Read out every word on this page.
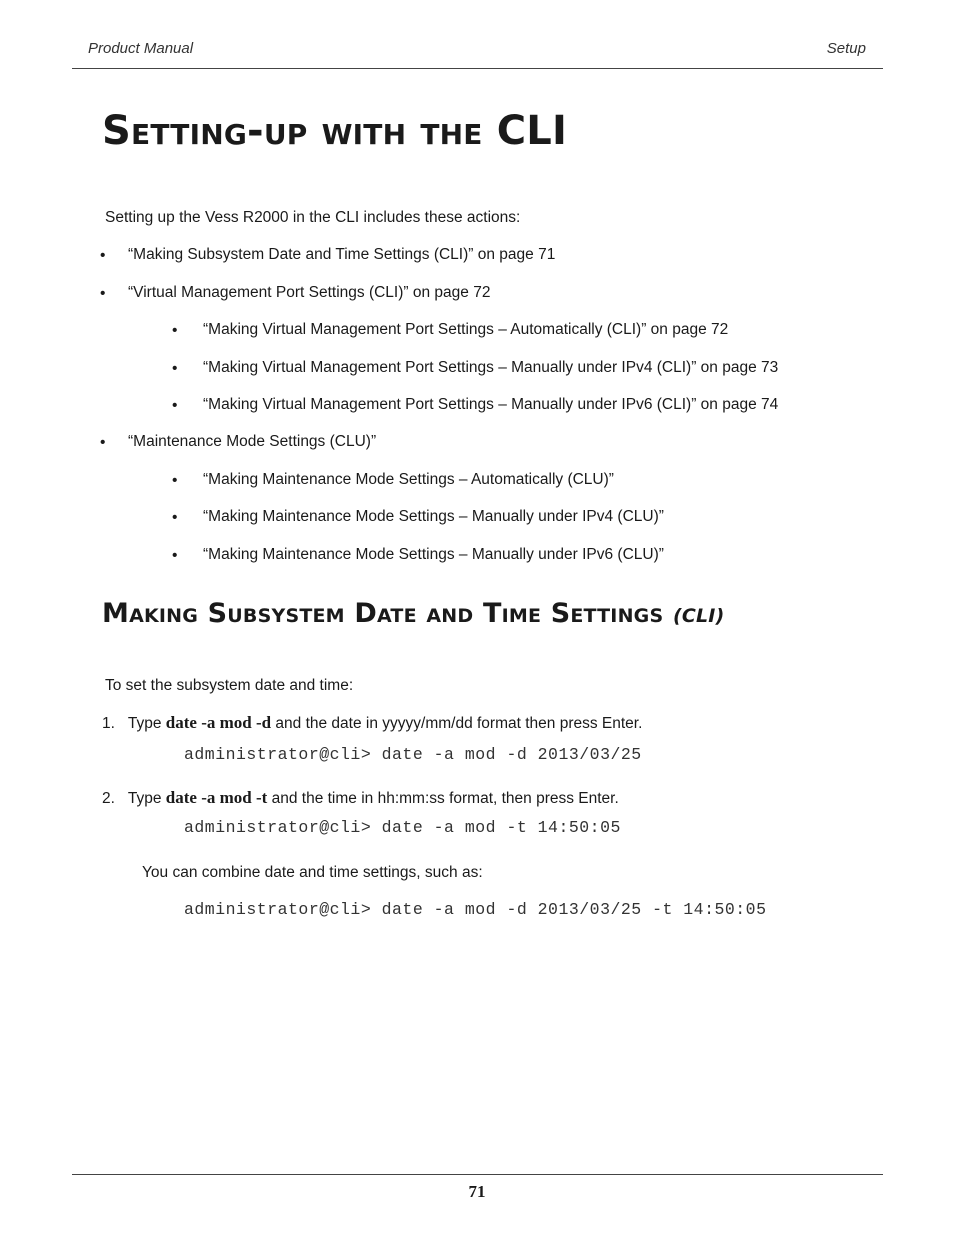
Product Manual	Setup
Setting-up with the CLI
Setting up the Vess R2000 in the CLI includes these actions:
• “Making Subsystem Date and Time Settings (CLI)” on page 71
• “Virtual Management Port Settings (CLI)” on page 72
• “Making Virtual Management Port Settings – Automatically (CLI)” on page 72
• “Making Virtual Management Port Settings – Manually under IPv4 (CLI)” on page 73
• “Making Virtual Management Port Settings – Manually under IPv6 (CLI)” on page 74
• “Maintenance Mode Settings (CLU)”
• “Making Maintenance Mode Settings – Automatically (CLU)”
• “Making Maintenance Mode Settings – Manually under IPv4 (CLU)”
• “Making Maintenance Mode Settings – Manually under IPv6 (CLU)”
Making Subsystem Date and Time Settings (CLI)
To set the subsystem date and time:
1. Type date -a mod -d and the date in yyyyy/mm/dd format then press Enter.
administrator@cli> date -a mod -d 2013/03/25
2. Type date -a mod -t and the time in hh:mm:ss format, then press Enter.
administrator@cli> date -a mod -t 14:50:05
You can combine date and time settings, such as:
administrator@cli> date -a mod -d 2013/03/25 -t 14:50:05
71
